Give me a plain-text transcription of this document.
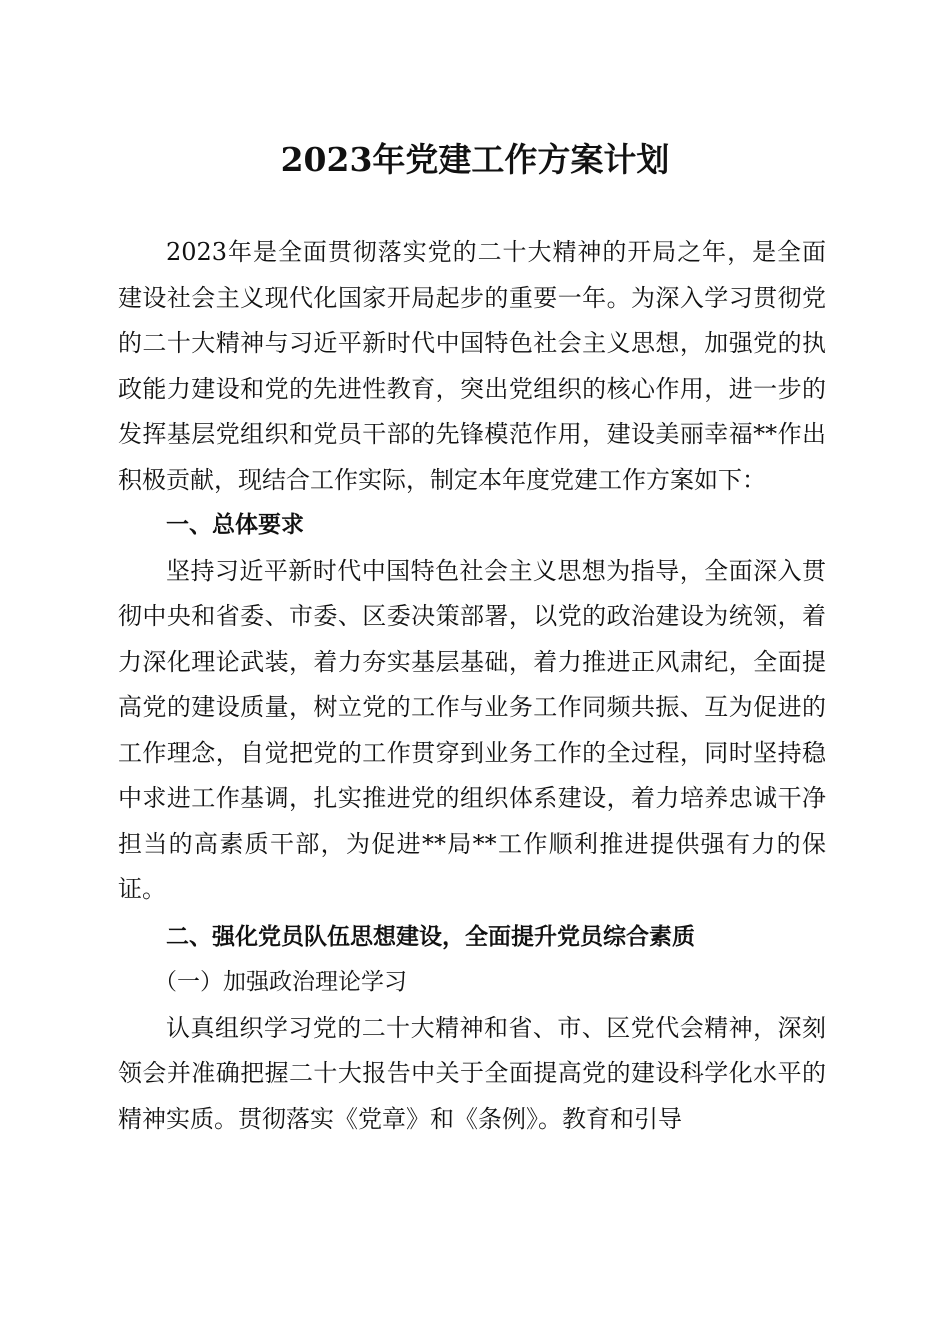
2023年党建工作方案计划

2023年是全面贯彻落实党的二十大精神的开局之年，是全面建设社会主义现代化国家开局起步的重要一年。为深入学习贯彻党的二十大精神与习近平新时代中国特色社会主义思想，加强党的执政能力建设和党的先进性教育，突出党组织的核心作用，进一步的发挥基层党组织和党员干部的先锋模范作用，建设美丽幸福**作出积极贡献，现结合工作实际，制定本年度党建工作方案如下：

一、总体要求

坚持习近平新时代中国特色社会主义思想为指导，全面深入贯彻中央和省委、市委、区委决策部署，以党的政治建设为统领，着力深化理论武装，着力夯实基层基础，着力推进正风肃纪，全面提高党的建设质量，树立党的工作与业务工作同频共振、互为促进的工作理念，自觉把党的工作贯穿到业务工作的全过程，同时坚持稳中求进工作基调，扎实推进党的组织体系建设，着力培养忠诚干净担当的高素质干部，为促进**局**工作顺利推进提供强有力的保证。

二、强化党员队伍思想建设，全面提升党员综合素质

（一）加强政治理论学习

认真组织学习党的二十大精神和省、市、区党代会精神，深刻领会并准确把握二十大报告中关于全面提高党的建设科学化水平的精神实质。贯彻落实《党章》和《条例》。教育和引导
